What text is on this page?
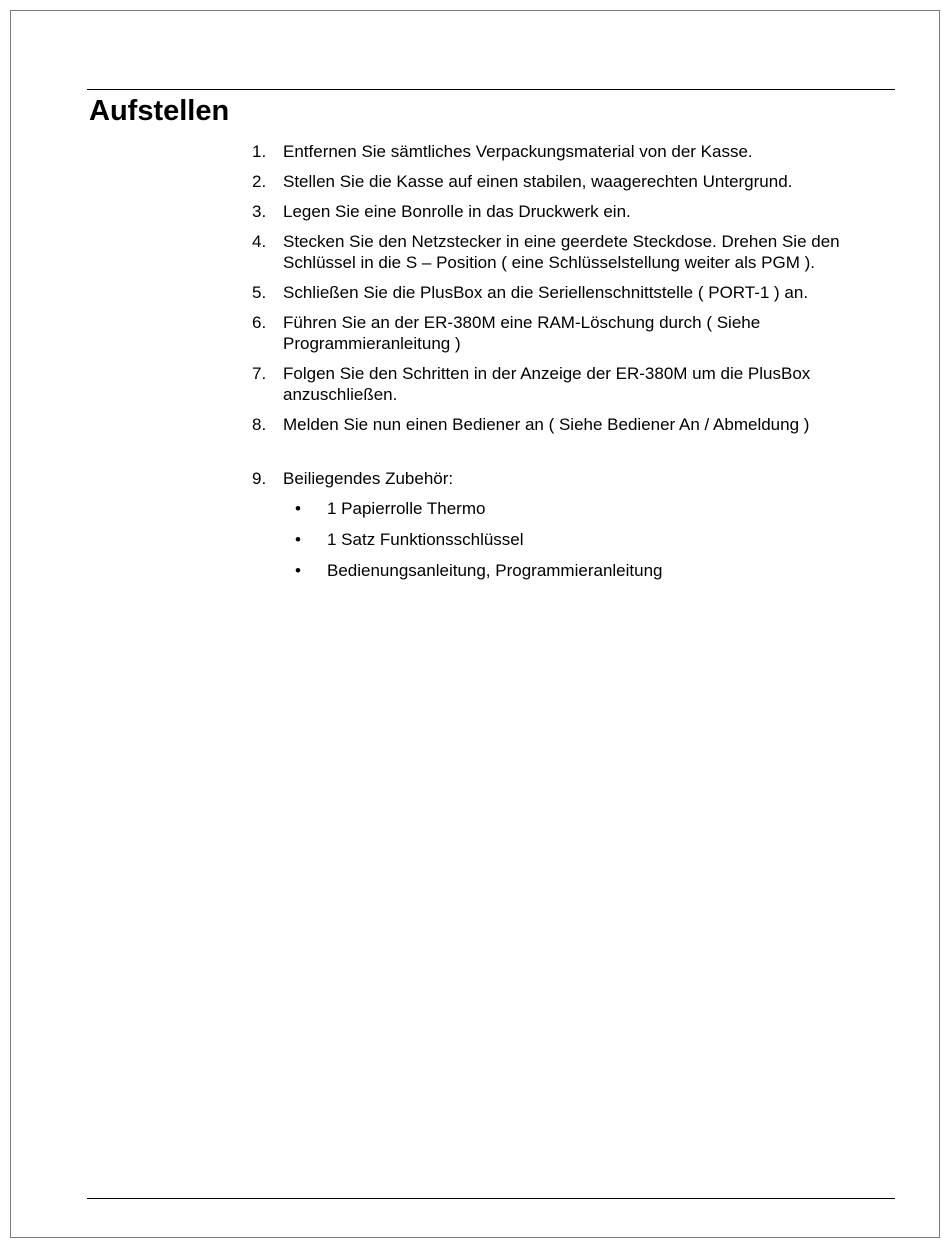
Aufstellen
1. Entfernen Sie sämtliches Verpackungsmaterial von der Kasse.
2. Stellen Sie die Kasse auf einen stabilen, waagerechten Untergrund.
3. Legen Sie eine Bonrolle in das Druckwerk ein.
4. Stecken Sie den Netzstecker in eine geerdete Steckdose. Drehen Sie den Schlüssel in die S – Position ( eine Schlüsselstellung weiter als PGM ).
5. Schließen Sie die PlusBox an die Seriellenschnittstelle ( PORT-1 ) an.
6. Führen Sie an der ER-380M eine RAM-Löschung durch ( Siehe Programmieranleitung )
7. Folgen Sie den Schritten in der Anzeige der ER-380M um die PlusBox anzuschließen.
8. Melden Sie nun einen Bediener an ( Siehe Bediener An / Abmeldung )
9. Beiliegendes Zubehör:
• 1 Papierrolle Thermo
• 1 Satz Funktionsschlüssel
• Bedienungsanleitung, Programmieranleitung
